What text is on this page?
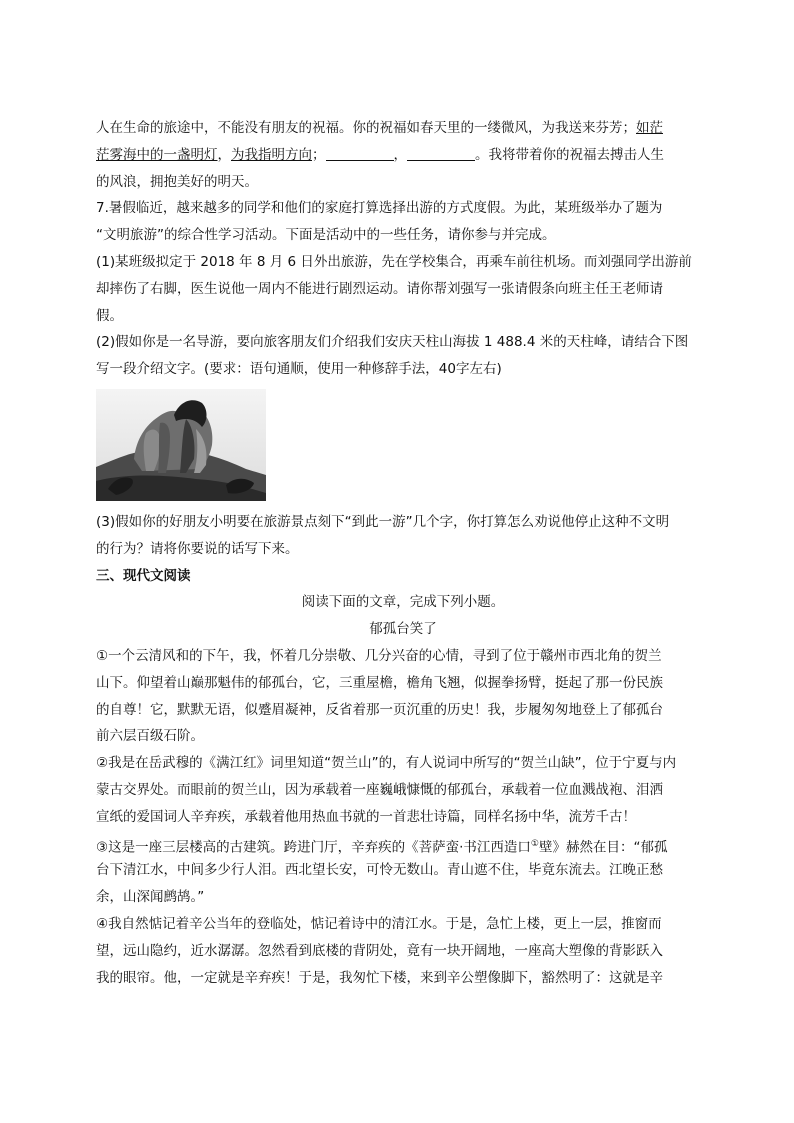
人在生命的旅途中，不能没有朋友的祝福。你的祝福如春天里的一缕微风，为我送来芬芳；如茫
茫雾海中的一盏明灯，为我指明方向；	，	。我将带着你的祝福去搏击人生
的风浪，拥抱美好的明天。
7.暑假临近，越来越多的同学和他们的家庭打算选择出游的方式度假。为此，某班级举办了题为
“文明旅游”的综合性学习活动。下面是活动中的一些任务，请你参与并完成。
(1)某班级拟定于 2018 年 8 月 6 日外出旅游，先在学校集合，再乘车前往机场。而刘强同学出游前
却摔伤了右脚，医生说他一周内不能进行剧烈运动。请你帮刘强写一张请假条向班主任王老师请
假。
(2)假如你是一名导游，要向旅客朋友们介绍我们安庆天柱山海拔 1 488.4 米的天柱峰，请结合下图
写一段介绍文字。(要求：语句通顺，使用一种修辞手法，40字左右)
(3)假如你的好朋友小明要在旅游景点刻下“到此一游”几个字，你打算怎么劝说他停止这种不文明
的行为？请将你要说的话写下来。
三、现代文阅读
阅读下面的文章，完成下列小题。
郁孤台笑了
①一个云清风和的下午，我，怀着几分崇敬、几分兴奋的心情，寻到了位于赣州市西北角的贺兰
山下。仰望着山巅那魁伟的郁孤台，它，三重屋檐，檐角飞翘，似握拳扬臂，挺起了那一份民族
的自尊！它，默默无语，似蹙眉凝神，反省着那一页沉重的历史！我，步履匆匆地登上了郁孤台
前六层百级石阶。
②我是在岳武穆的《满江红》词里知道“贺兰山”的，有人说词中所写的“贺兰山缺”，位于宁夏与内
蒙古交界处。而眼前的贺兰山，因为承载着一座巍峨慷慨的郁孤台，承载着一位血溅战袍、泪洒
宣纸的爱国词人辛弃疾，承载着他用热血书就的一首悲壮诗篇，同样名扬中华，流芳千古！
③这是一座三层楼高的古建筑。跨进门厅，辛弃疾的《菩萨蛮·书江西造口①壁》赫然在目：“郁孤
台下清江水，中间多少行人泪。西北望长安，可怜无数山。青山遮不住，毕竟东流去。江晚正愁
余，山深闻鹧鸪。”
④我自然惦记着辛公当年的登临处，惦记着诗中的清江水。于是，急忙上楼，更上一层，推窗而
望，远山隐约，近水潺潺。忽然看到底楼的背阴处，竟有一块开阔地，一座高大塑像的背影跃入
我的眼帘。他，一定就是辛弃疾！于是，我匆忙下楼，来到辛公塑像脚下，豁然明了：这就是辛
